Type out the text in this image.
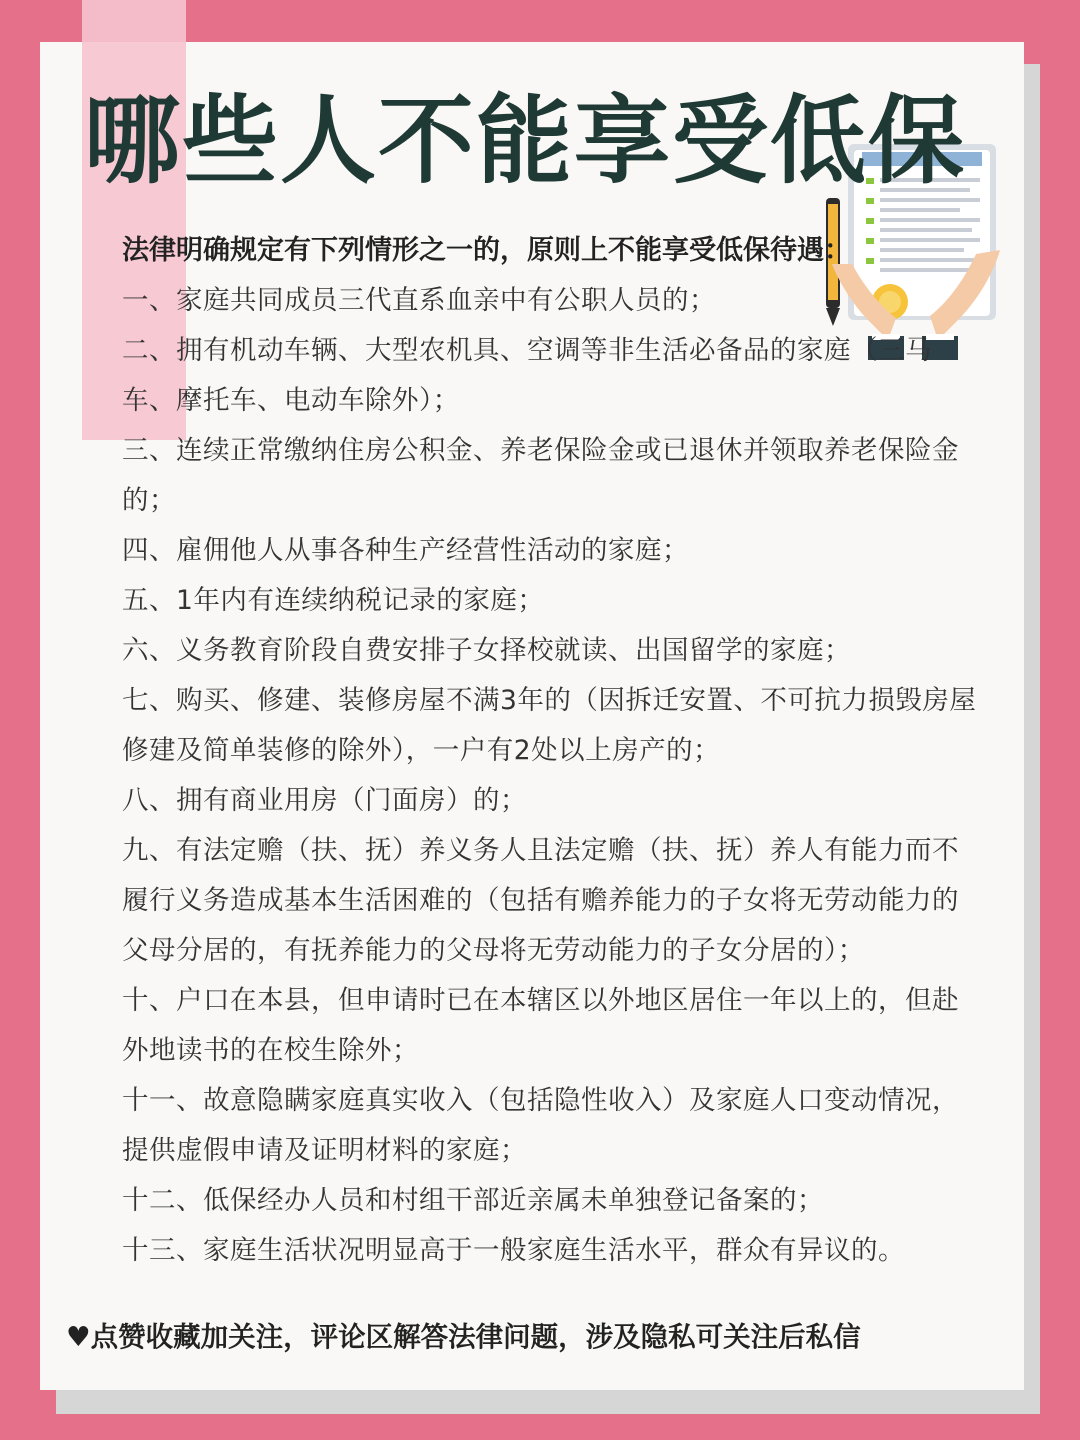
哪些人不能享受低保

法律明确规定有下列情形之一的，原则上不能享受低保待遇：

一、家庭共同成员三代直系血亲中有公职人员的；
二、拥有机动车辆、大型农机具、空调等非生活必备品的家庭（三马车、摩托车、电动车除外）；
三、连续正常缴纳住房公积金、养老保险金或已退休并领取养老保险金的；
四、雇佣他人从事各种生产经营性活动的家庭；
五、1年内有连续纳税记录的家庭；
六、义务教育阶段自费安排子女择校就读、出国留学的家庭；
七、购买、修建、装修房屋不满3年的（因拆迁安置、不可抗力损毁房屋修建及简单装修的除外），一户有2处以上房产的；
八、拥有商业用房（门面房）的；
九、有法定赡（扶、抚）养义务人且法定赡（扶、抚）养人有能力而不履行义务造成基本生活困难的（包括有赡养能力的子女将无劳动能力的父母分居的，有抚养能力的父母将无劳动能力的子女分居的）；
十、户口在本县，但申请时已在本辖区以外地区居住一年以上的，但赴外地读书的在校生除外；
十一、故意隐瞒家庭真实收入（包括隐性收入）及家庭人口变动情况，提供虚假申请及证明材料的家庭；
十二、低保经办人员和村组干部近亲属未单独登记备案的；
十三、家庭生活状况明显高于一般家庭生活水平，群众有异议的。

♥点赞收藏加关注，评论区解答法律问题，涉及隐私可关注后私信
